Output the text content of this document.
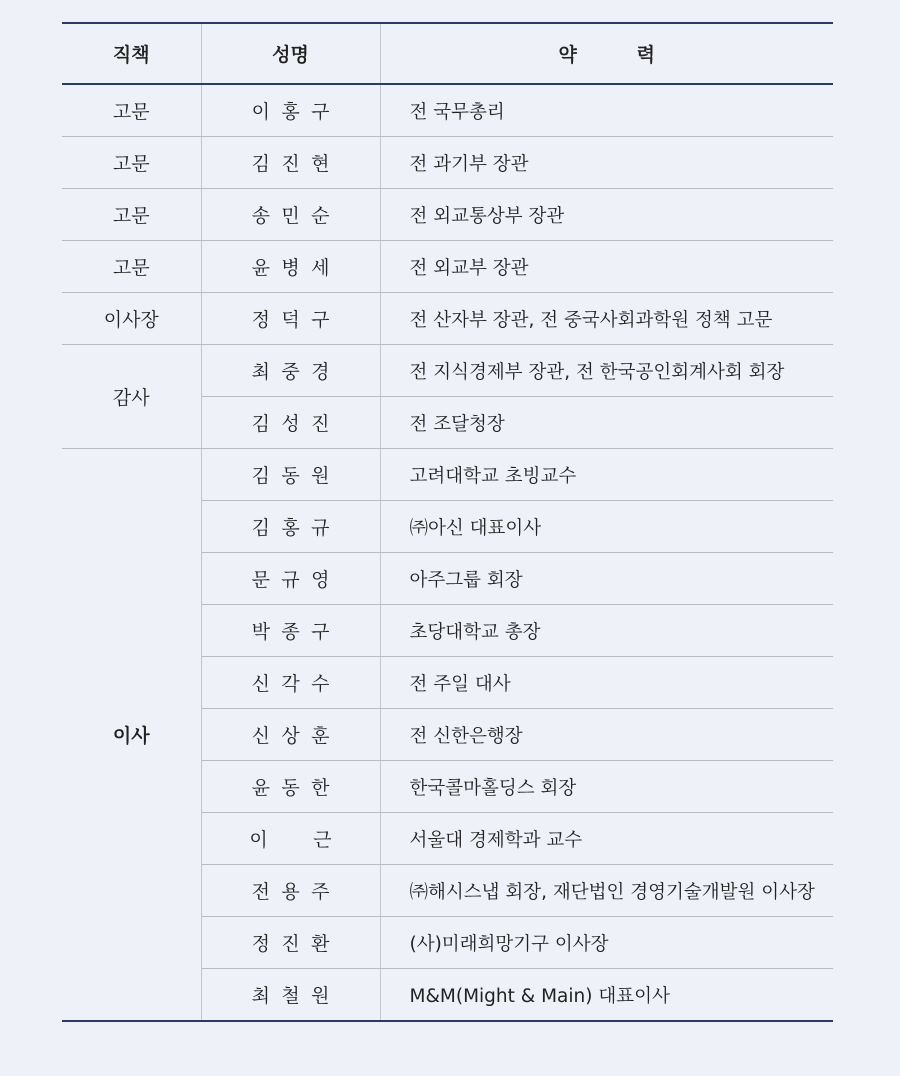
직책	성명	약 력
고문	이홍구	전 국무총리
고문	김진현	전 과기부 장관
고문	송민순	전 외교통상부 장관
고문	윤병세	전 외교부 장관
이사장	정덕구	전 산자부 장관, 전 중국사회과학원 정책 고문
감사	최중경	전 지식경제부 장관, 전 한국공인회계사회 회장
	김성진	전 조달청장
이사	김동원	고려대학교 초빙교수
	김홍규	㈜아신 대표이사
	문규영	아주그룹 회장
	박종구	초당대학교 총장
	신각수	전 주일 대사
	신상훈	전 신한은행장
	윤동한	한국콜마홀딩스 회장
	이근	서울대 경제학과 교수
	전용주	㈜해시스냅 회장, 재단법인 경영기술개발원 이사장
	정진환	(사)미래희망기구 이사장
	최철원	M&M(Might & Main) 대표이사
